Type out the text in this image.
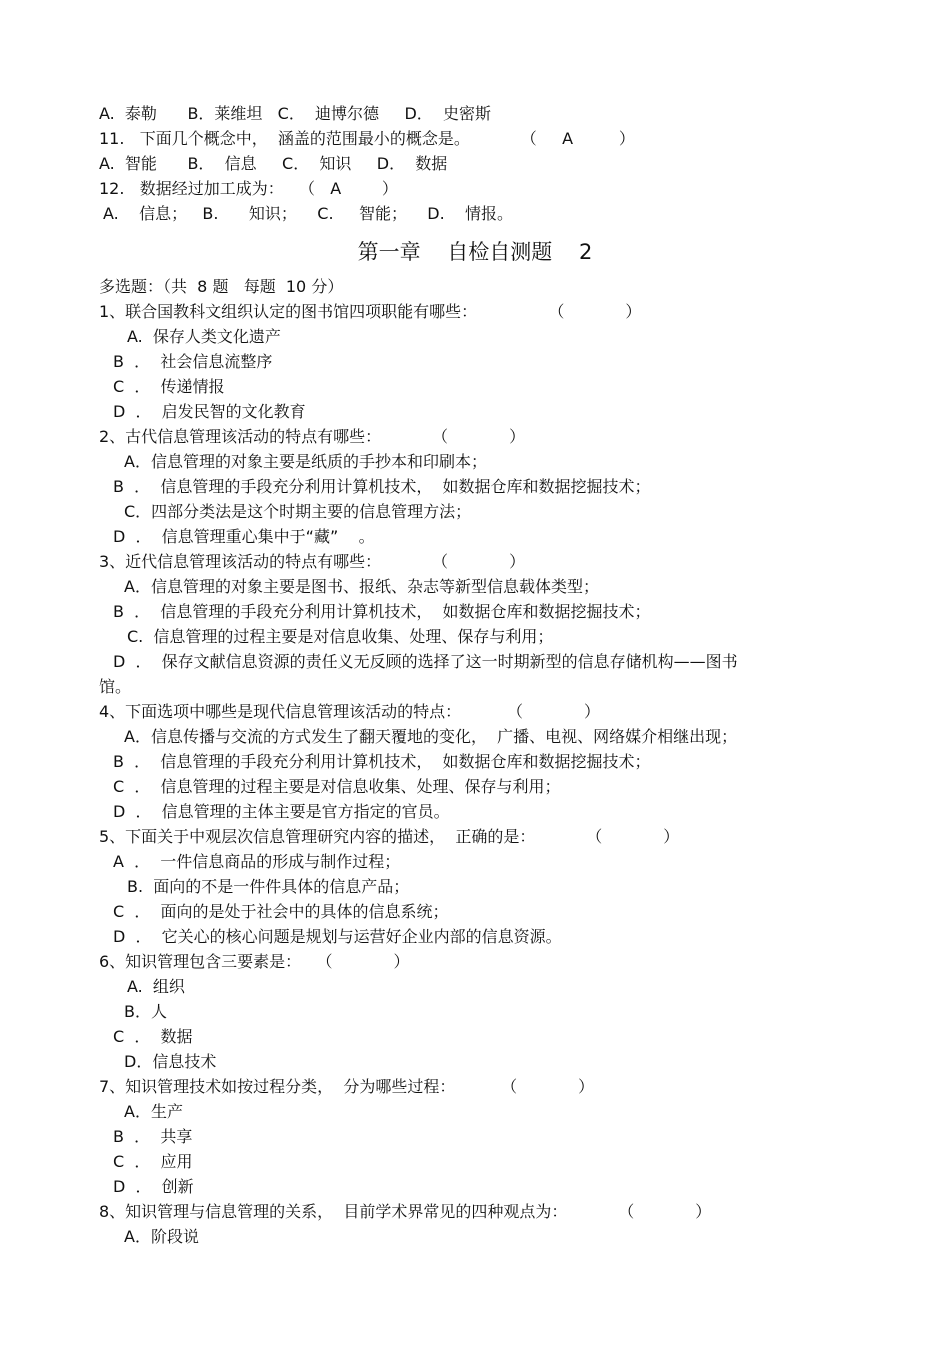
A.  泰勒      B．莱维坦   C．  迪博尔德     D．  史密斯
11.   下面几个概念中，  涵盖的范围最小的概念是。          （     A         ）
A.  智能      B．  信息     C．  知识     D．  数据
12.   数据经过加工成为：   （   A        ）
A.    信息；   B.      知识；    C.     智能；    D.    情报。
第一章    自检自测题    2
多选题：（共  8 题   每题  10 分）
1、联合国教科文组织认定的图书馆四项职能有哪些：              （            ）
A.  保存人类文化遗产
B  ．  社会信息流整序
C  ．  传递情报
D  ．  启发民智的文化教育
2、古代信息管理该活动的特点有哪些：          （            ）
A．信息管理的对象主要是纸质的手抄本和印刷本；
B  ．  信息管理的手段充分利用计算机技术，  如数据仓库和数据挖掘技术；
C．四部分类法是这个时期主要的信息管理方法；
D  ．  信息管理重心集中于“藏”    。
3、近代信息管理该活动的特点有哪些：          （            ）
A．信息管理的对象主要是图书、报纸、杂志等新型信息载体类型；
B  ．  信息管理的手段充分利用计算机技术，  如数据仓库和数据挖掘技术；
C.  信息管理的过程主要是对信息收集、处理、保存与利用；
D  ．  保存文献信息资源的责任义无反顾的选择了这一时期新型的信息存储机构——图书
馆。
4、下面选项中哪些是现代信息管理该活动的特点：         （            ）
A．信息传播与交流的方式发生了翻天覆地的变化，  广播、电视、网络媒介相继出现；
B  ．  信息管理的手段充分利用计算机技术，  如数据仓库和数据挖掘技术；
C  ．  信息管理的过程主要是对信息收集、处理、保存与利用；
D  ．  信息管理的主体主要是官方指定的官员。
5、下面关于中观层次信息管理研究内容的描述，  正确的是：          （            ）
A  ．  一件信息商品的形成与制作过程；
B.  面向的不是一件件具体的信息产品；
C  ．  面向的是处于社会中的具体的信息系统；
D  ．  它关心的核心问题是规划与运营好企业内部的信息资源。
6、知识管理包含三要素是：   （            ）
A.  组织
B．人
C  ．  数据
D．信息技术
7、知识管理技术如按过程分类，  分为哪些过程：         （            ）
A．生产
B  ．  共享
C  ．  应用
D  ．  创新
8、知识管理与信息管理的关系，  目前学术界常见的四种观点为：          （            ）
A．阶段说
